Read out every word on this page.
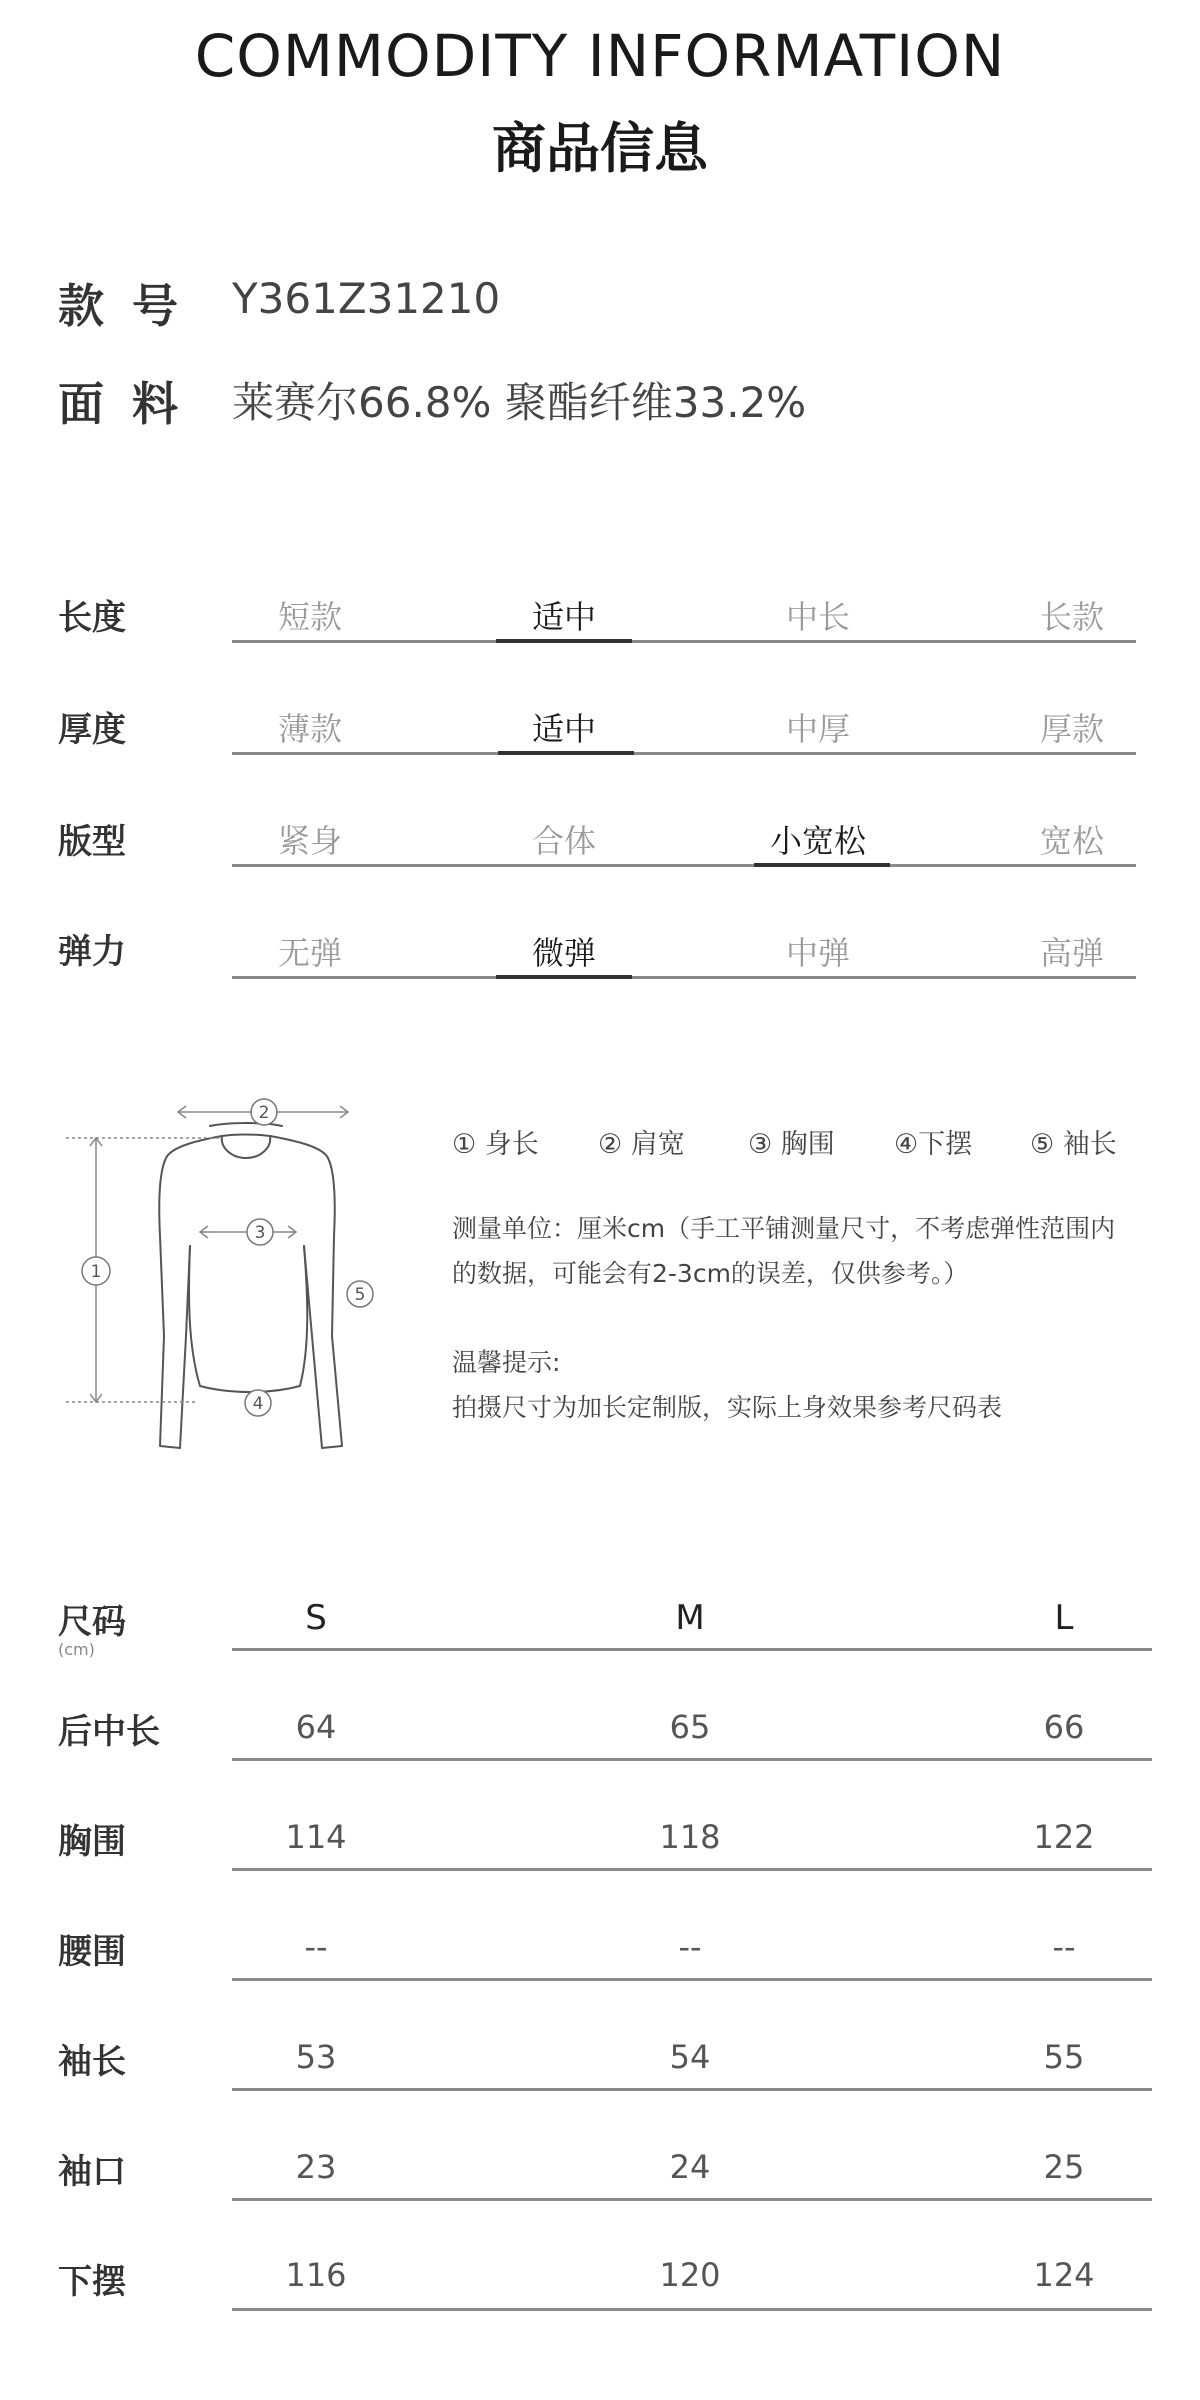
COMMODITY INFORMATION
商品信息
款号 Y361Z31210
面料 莱赛尔66.8% 聚酯纤维33.2%
长度	短款	适中	中长	长款
厚度	薄款	适中	中厚	厚款
版型	紧身	合体	小宽松	宽松
弹力	无弹	微弹	中弹	高弹
2
1
3
4
5
① 身长 ② 肩宽 ③ 胸围 ④下摆 ⑤ 袖长
测量单位：厘米cm（手工平铺测量尺寸，不考虑弹性范围内
的数据，可能会有2-3cm的误差，仅供参考。）
温馨提示:
拍摄尺寸为加长定制版，实际上身效果参考尺码表
尺码
(cm)
S	M	L
后中长	64	65	66
胸围	114	118	122
腰围	--	--	--
袖长	53	54	55
袖口	23	24	25
下摆	116	120	124
